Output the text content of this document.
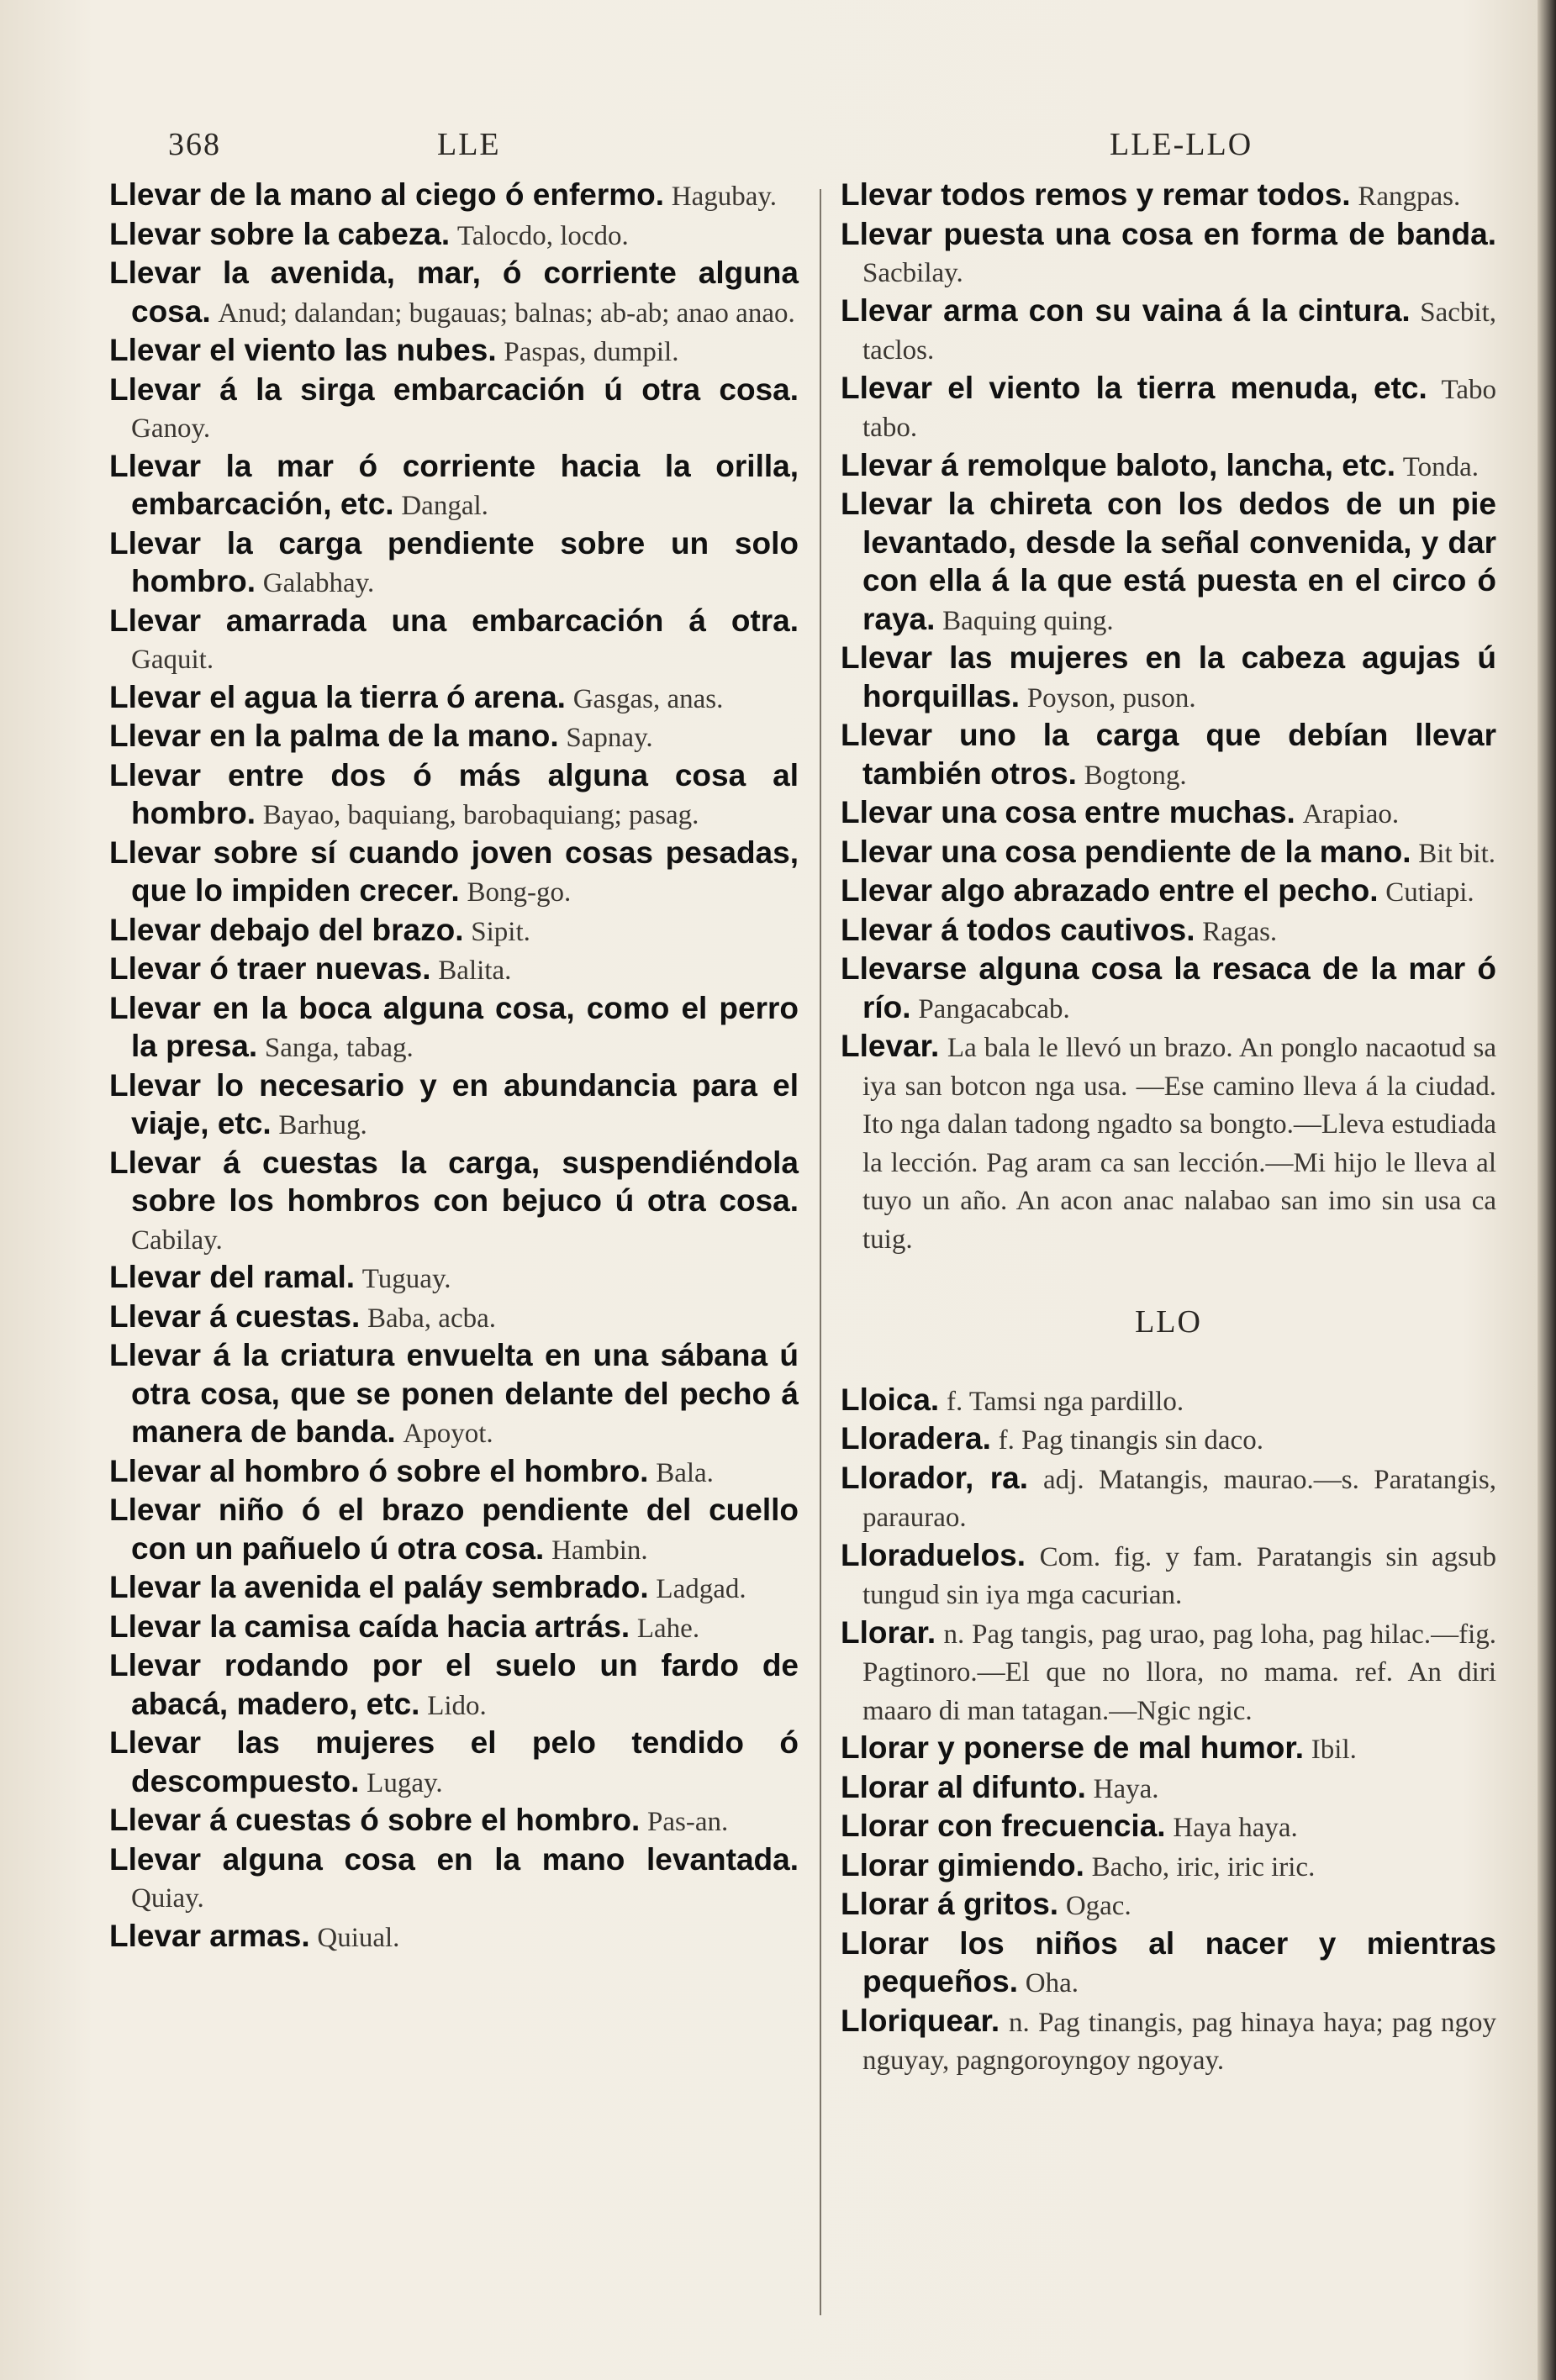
368	LLE	LLE-LLO

Llevar de la mano al ciego ó enfermo. Hagubay.

Llevar sobre la cabeza. Talocdo, locdo.

Llevar la avenida, mar, ó corriente alguna cosa. Anud; dalandan; bugauas; balnas; ab-ab; anao anao.

Llevar el viento las nubes. Paspas, dumpil.

Llevar á la sirga embarcación ú otra cosa. Ganoy.

Llevar la mar ó corriente hacia la orilla, embarcación, etc. Dangal.

Llevar la carga pendiente sobre un solo hombro. Galabhay.

Llevar amarrada una embarcación á otra. Gaquit.

Llevar el agua la tierra ó arena. Gasgas, anas.

Llevar en la palma de la mano. Sapnay.

Llevar entre dos ó más alguna cosa al hombro. Bayao, baquiang, barobaquiang; pasag.

Llevar sobre sí cuando joven cosas pesadas, que lo impiden crecer. Bong-go.

Llevar debajo del brazo. Sipit.

Llevar ó traer nuevas. Balita.

Llevar en la boca alguna cosa, como el perro la presa. Sanga, tabag.

Llevar lo necesario y en abundancia para el viaje, etc. Barhug.

Llevar á cuestas la carga, suspendiéndola sobre los hombros con bejuco ú otra cosa. Cabilay.

Llevar del ramal. Tuguay.

Llevar á cuestas. Baba, acba.

Llevar á la criatura envuelta en una sábana ú otra cosa, que se ponen delante del pecho á manera de banda. Apoyot.

Llevar al hombro ó sobre el hombro. Bala.

Llevar niño ó el brazo pendiente del cuello con un pañuelo ú otra cosa. Hambin.

Llevar la avenida el paláy sembrado. Ladgad.

Llevar la camisa caída hacia artrás. Lahe.

Llevar rodando por el suelo un fardo de abacá, madero, etc. Lido.

Llevar las mujeres el pelo tendido ó descompuesto. Lugay.

Llevar á cuestas ó sobre el hombro. Pas-an.

Llevar alguna cosa en la mano levantada. Quiay.

Llevar armas. Quiual.

Llevar todos remos y remar todos. Rangpas.

Llevar puesta una cosa en forma de banda. Sacbilay.

Llevar arma con su vaina á la cintura. Sacbit, taclos.

Llevar el viento la tierra menuda, etc. Tabo tabo.

Llevar á remolque baloto, lancha, etc. Tonda.

Llevar la chireta con los dedos de un pie levantado, desde la señal convenida, y dar con ella á la que está puesta en el circo ó raya. Baquing quing.

Llevar las mujeres en la cabeza agujas ú horquillas. Poyson, puson.

Llevar uno la carga que debían llevar también otros. Bogtong.

Llevar una cosa entre muchas. Arapiao.

Llevar una cosa pendiente de la mano. Bit bit.

Llevar algo abrazado entre el pecho. Cutiapi.

Llevar á todos cautivos. Ragas.

Llevarse alguna cosa la resaca de la mar ó río. Pangacabcab.

Llevar. La bala le llevó un brazo. An ponglo nacaotud sa iya san botcon nga usa. —Ese camino lleva á la ciudad. Ito nga dalan tadong ngadto sa bongto.—Lleva estudiada la lección. Pag aram ca san lección.—Mi hijo le lleva al tuyo un año. An acon anac nalabao san imo sin usa ca tuig.

LLO

Lloica. f. Tamsi nga pardillo.

Lloradera. f. Pag tinangis sin daco.

Llorador, ra. adj. Matangis, maurao.—s. Paratangis, paraurao.

Lloraduelos. Com. fig. y fam. Paratangis sin agsub tungud sin iya mga cacurian.

Llorar. n. Pag tangis, pag urao, pag loha, pag hilac.—fig. Pagtinoro.—El que no llora, no mama. ref. An diri maaro di man tatagan.—Ngic ngic.

Llorar y ponerse de mal humor. Ibil.

Llorar al difunto. Haya.

Llorar con frecuencia. Haya haya.

Llorar gimiendo. Bacho, iric, iric iric.

Llorar á gritos. Ogac.

Llorar los niños al nacer y mientras pequeños. Oha.

Lloriquear. n. Pag tinangis, pag hinaya haya; pag ngoy nguyay, pagngoroyngoy ngoyay.
